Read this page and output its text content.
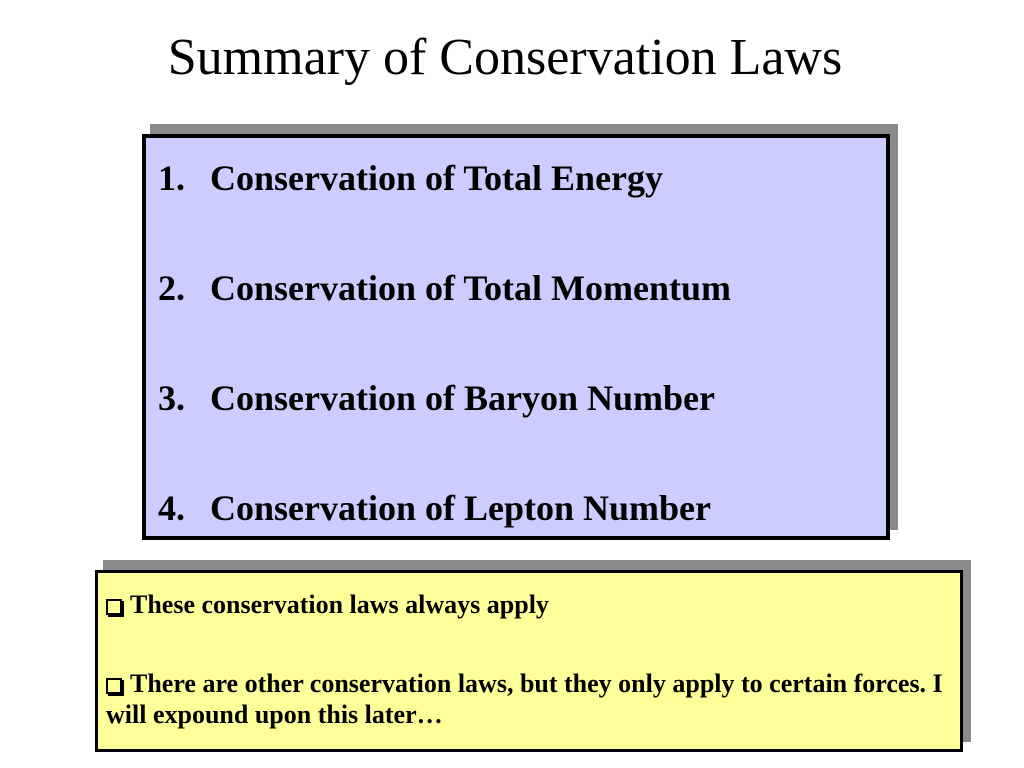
Summary of Conservation Laws
1. Conservation of Total Energy
2. Conservation of Total Momentum
3. Conservation of Baryon Number
4. Conservation of Lepton Number
These conservation laws always apply
There are other conservation laws, but they only apply to certain forces. I will expound upon this later…
